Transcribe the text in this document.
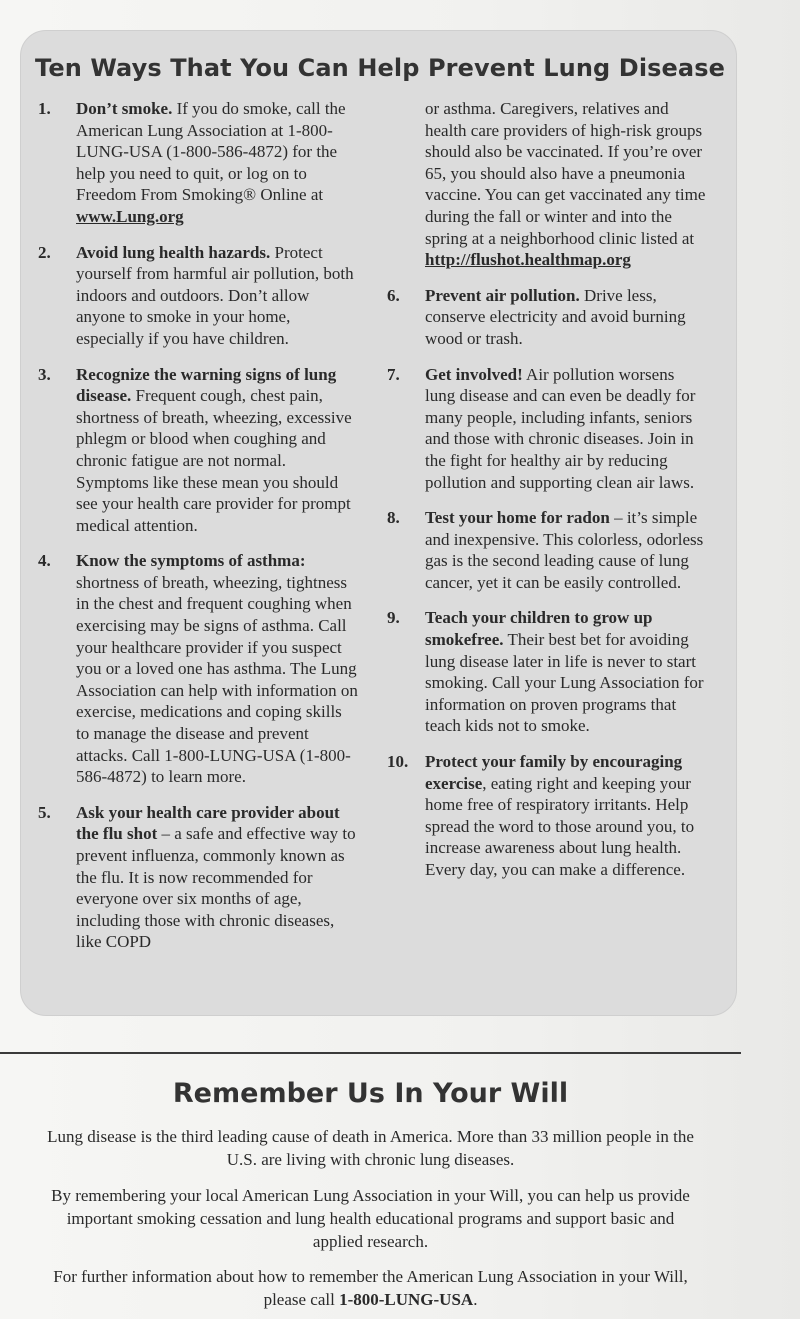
Ten Ways That You Can Help Prevent Lung Disease
1. Don’t smoke. If you do smoke, call the American Lung Association at 1-800-LUNG-USA (1-800-586-4872) for the help you need to quit, or log on to Freedom From Smoking® Online at www.Lung.org
2. Avoid lung health hazards. Protect yourself from harmful air pollution, both indoors and outdoors. Don’t allow anyone to smoke in your home, especially if you have children.
3. Recognize the warning signs of lung disease. Frequent cough, chest pain, shortness of breath, wheezing, excessive phlegm or blood when coughing and chronic fatigue are not normal. Symptoms like these mean you should see your health care provider for prompt medical attention.
4. Know the symptoms of asthma: shortness of breath, wheezing, tightness in the chest and frequent coughing when exercising may be signs of asthma. Call your healthcare provider if you suspect you or a loved one has asthma. The Lung Association can help with information on exercise, medications and coping skills to manage the disease and prevent attacks. Call 1-800-LUNG-USA (1-800-586-4872) to learn more.
5. Ask your health care provider about the flu shot – a safe and effective way to prevent influenza, commonly known as the flu. It is now recommended for everyone over six months of age, including those with chronic diseases, like COPD
or asthma. Caregivers, relatives and health care providers of high-risk groups should also be vaccinated. If you’re over 65, you should also have a pneumonia vaccine. You can get vaccinated any time during the fall or winter and into the spring at a neighborhood clinic listed at http://flushot.healthmap.org
6. Prevent air pollution. Drive less, conserve electricity and avoid burning wood or trash.
7. Get involved! Air pollution worsens lung disease and can even be deadly for many people, including infants, seniors and those with chronic diseases. Join in the fight for healthy air by reducing pollution and supporting clean air laws.
8. Test your home for radon – it’s simple and inexpensive. This colorless, odorless gas is the second leading cause of lung cancer, yet it can be easily controlled.
9. Teach your children to grow up smokefree. Their best bet for avoiding lung disease later in life is never to start smoking. Call your Lung Association for information on proven programs that teach kids not to smoke.
10. Protect your family by encouraging exercise, eating right and keeping your home free of respiratory irritants. Help spread the word to those around you, to increase awareness about lung health. Every day, you can make a difference.
Remember Us In Your Will
Lung disease is the third leading cause of death in America. More than 33 million people in the U.S. are living with chronic lung diseases.
By remembering your local American Lung Association in your Will, you can help us provide important smoking cessation and lung health educational programs and support basic and applied research.
For further information about how to remember the American Lung Association in your Will, please call 1-800-LUNG-USA.
